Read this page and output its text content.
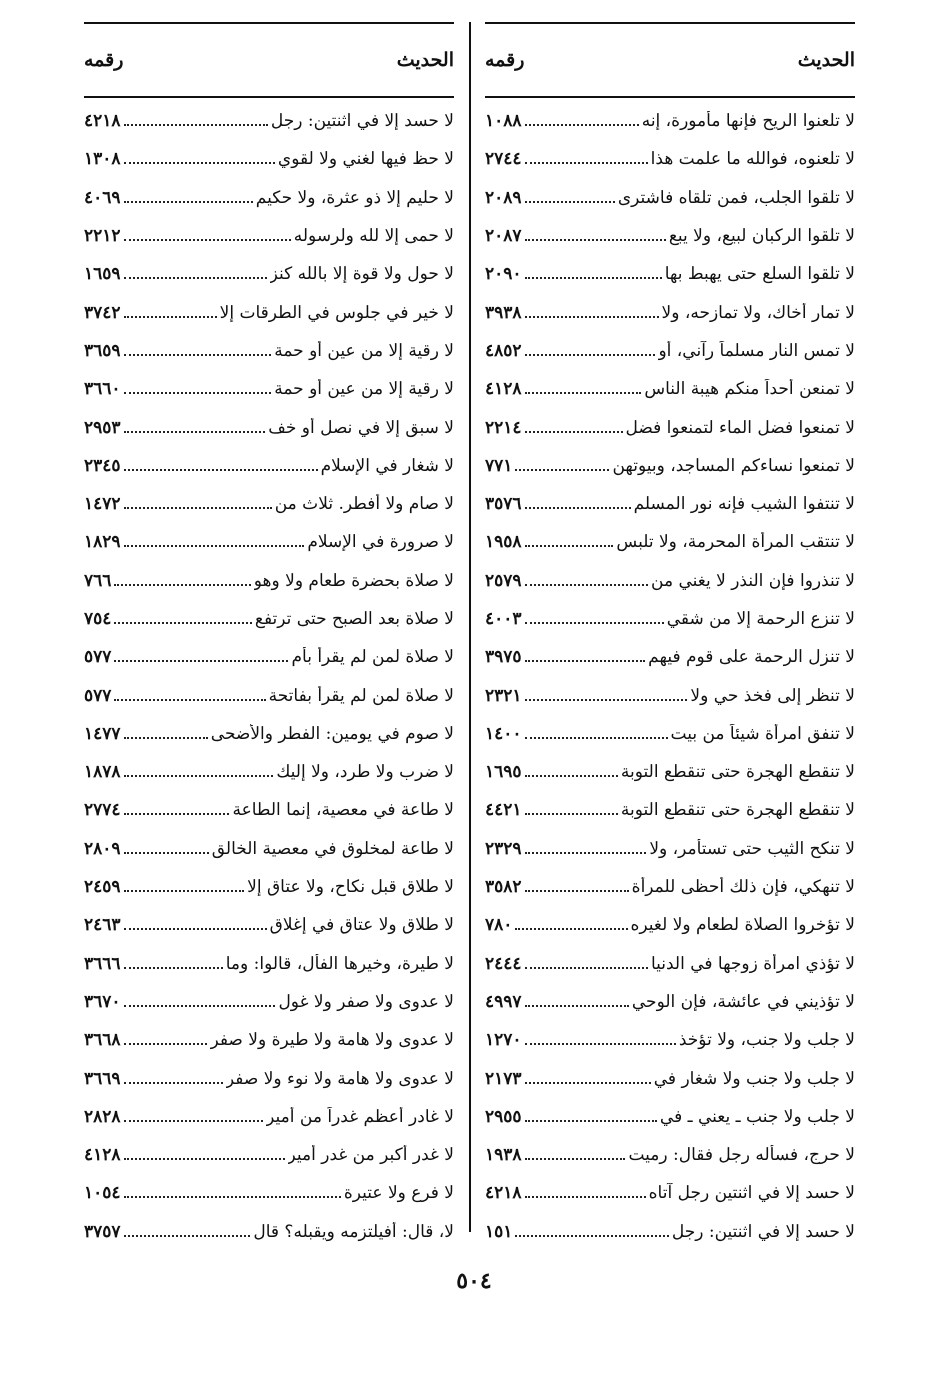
الحديث
رقمه
لا تلعنوا الريح فإنها مأمورة، إنه
١٠٨٨
لا تلعنوه، فوالله ما علمت هذا
٢٧٤٤
لا تلقوا الجلب، فمن تلقاه فاشترى
٢٠٨٩
لا تلقوا الركبان لبيع، ولا يبع
٢٠٨٧
لا تلقوا السلع حتى يهبط بها
٢٠٩٠
لا تمار أخاك، ولا تمازحه، ولا
٣٩٣٨
لا تمس النار مسلماً رآني، أو
٤٨٥٢
لا تمنعن أحداً منكم هيبة الناس
٤١٢٨
لا تمنعوا فضل الماء لتمنعوا فضل
٢٢١٤
لا تمنعوا نساءكم المساجد، وبيوتهن
٧٧١
لا تنتفوا الشيب فإنه نور المسلم
٣٥٧٦
لا تنتقب المرأة المحرمة، ولا تلبس
١٩٥٨
لا تنذروا فإن النذر لا يغني من
٢٥٧٩
لا تنزع الرحمة إلا من شقي
٤٠٠٣
لا تنزل الرحمة على قوم فيهم
٣٩٧٥
لا تنظر إلى فخذ حي ولا
٢٣٢١
لا تنفق امرأة شيئاً من بيت
١٤٠٠
لا تنقطع الهجرة حتى تنقطع التوبة
١٦٩٥
لا تنقطع الهجرة حتى تنقطع التوبة
٤٤٢١
لا تنكح الثيب حتى تستأمر، ولا
٢٣٢٩
لا تنهكي، فإن ذلك أحظى للمرأة
٣٥٨٢
لا تؤخروا الصلاة لطعام ولا لغيره
٧٨٠
لا تؤذي امرأة زوجها في الدنيا
٢٤٤٤
لا تؤذيني في عائشة، فإن الوحي
٤٩٩٧
لا جلب ولا جنب، ولا تؤخذ
١٢٧٠
لا جلب ولا جنب ولا شغار في
٢١٧٣
لا جلب ولا جنب ـ يعني ـ في
٢٩٥٥
لا حرج، فسأله رجل فقال: رميت
١٩٣٨
لا حسد إلا في اثنتين رجل آتاه
٤٢١٨
لا حسد إلا في اثنتين: رجل
١٥١
الحديث
رقمه
لا حسد إلا في اثنتين: رجل
٤٢١٨
لا حظ فيها لغني ولا لقوي
١٣٠٨
لا حليم إلا ذو عثرة، ولا حكيم
٤٠٦٩
لا حمى إلا لله ولرسوله
٢٢١٢
لا حول ولا قوة إلا بالله كنز
١٦٥٩
لا خير في جلوس في الطرقات إلا
٣٧٤٢
لا رقية إلا من عين أو حمة
٣٦٥٩
لا رقية إلا من عين أو حمة
٣٦٦٠
لا سبق إلا في نصل أو خف
٢٩٥٣
لا شغار في الإسلام
٢٣٤٥
لا صام ولا أفطر. ثلاث من
١٤٧٢
لا صرورة في الإسلام
١٨٢٩
لا صلاة بحضرة طعام ولا وهو
٧٦٦
لا صلاة بعد الصبح حتى ترتفع
٧٥٤
لا صلاة لمن لم يقرأ بأم
٥٧٧
لا صلاة لمن لم يقرأ بفاتحة
٥٧٧
لا صوم في يومين: الفطر والأضحى
١٤٧٧
لا ضرب ولا طرد، ولا إليك
١٨٧٨
لا طاعة في معصية، إنما الطاعة
٢٧٧٤
لا طاعة لمخلوق في معصية الخالق
٢٨٠٩
لا طلاق قبل نكاح، ولا عتاق إلا
٢٤٥٩
لا طلاق ولا عتاق في إغلاق
٢٤٦٣
لا طيرة، وخيرها الفأل، قالوا: وما
٣٦٦٦
لا عدوى ولا صفر ولا غول
٣٦٧٠
لا عدوى ولا هامة ولا طيرة ولا صفر
٣٦٦٨
لا عدوى ولا هامة ولا نوء ولا صفر
٣٦٦٩
لا غادر أعظم غدراً من أمير
٢٨٢٨
لا غدر أكبر من غدر أمير
٤١٢٨
لا فرع ولا عتيرة
١٠٥٤
لا، قال: أفيلتزمه ويقبله؟ قال
٣٧٥٧
٥٠٤
